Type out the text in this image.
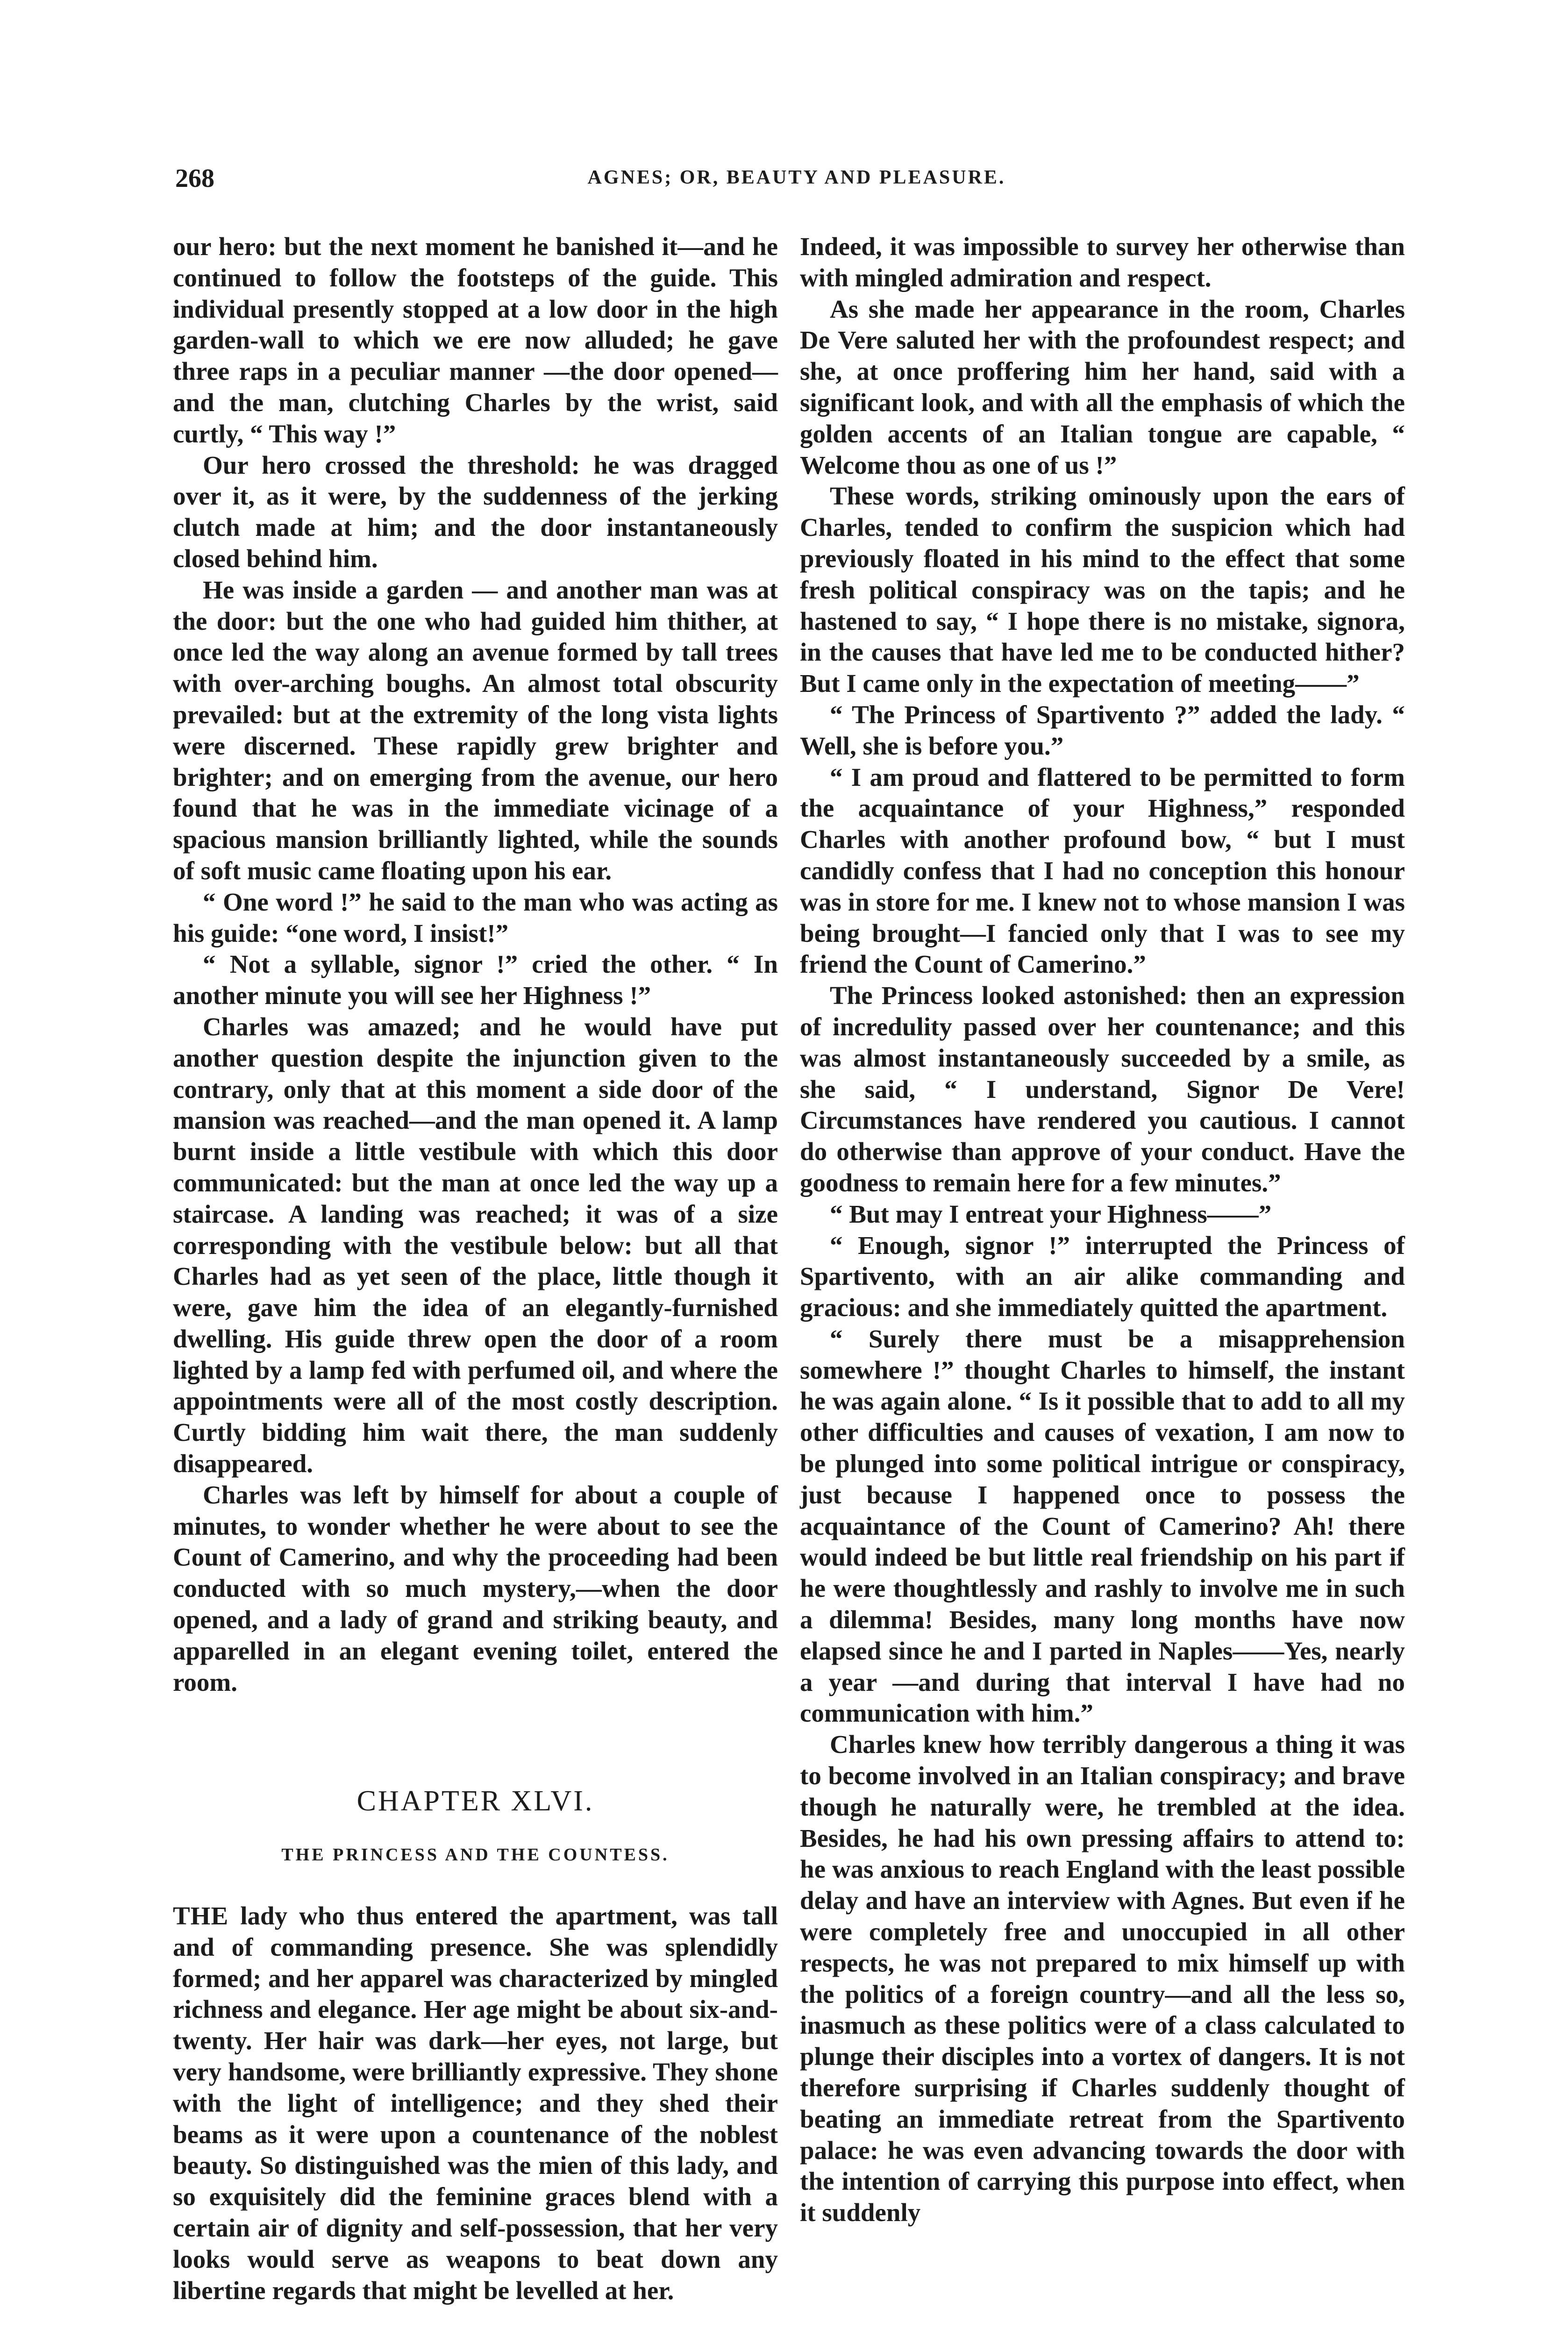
268	AGNES; OR, BEAUTY AND PLEASURE.

our hero: but the next moment he banished it—and he continued to follow the footsteps of the guide. This individual presently stopped at a low door in the high garden-wall to which we ere now alluded; he gave three raps in a peculiar manner —the door opened—and the man, clutching Charles by the wrist, said curtly, “ This way !”

Our hero crossed the threshold: he was dragged over it, as it were, by the suddenness of the jerking clutch made at him; and the door instantaneously closed behind him.

He was inside a garden — and another man was at the door: but the one who had guided him thither, at once led the way along an avenue formed by tall trees with over-arching boughs. An almost total obscurity prevailed: but at the extremity of the long vista lights were discerned. These rapidly grew brighter and brighter; and on emerging from the avenue, our hero found that he was in the immediate vicinage of a spacious mansion brilliantly lighted, while the sounds of soft music came floating upon his ear.

“ One word !” he said to the man who was acting as his guide: “one word, I insist!”

“ Not a syllable, signor !” cried the other. “ In another minute you will see her Highness !”

Charles was amazed; and he would have put another question despite the injunction given to the contrary, only that at this moment a side door of the mansion was reached—and the man opened it. A lamp burnt inside a little vestibule with which this door communicated: but the man at once led the way up a staircase. A landing was reached; it was of a size corresponding with the vestibule below: but all that Charles had as yet seen of the place, little though it were, gave him the idea of an elegantly-furnished dwelling. His guide threw open the door of a room lighted by a lamp fed with perfumed oil, and where the appointments were all of the most costly description. Curtly bidding him wait there, the man suddenly disappeared.

Charles was left by himself for about a couple of minutes, to wonder whether he were about to see the Count of Camerino, and why the proceeding had been conducted with so much mystery,—when the door opened, and a lady of grand and striking beauty, and apparelled in an elegant evening toilet, entered the room.

CHAPTER XLVI.
THE PRINCESS AND THE COUNTESS.

THE lady who thus entered the apartment, was tall and of commanding presence. She was splendidly formed; and her apparel was characterized by mingled richness and elegance. Her age might be about six-and-twenty. Her hair was dark—her eyes, not large, but very handsome, were brilliantly expressive. They shone with the light of intelligence; and they shed their beams as it were upon a countenance of the noblest beauty. So distinguished was the mien of this lady, and so exquisitely did the feminine graces blend with a certain air of dignity and self-possession, that her very looks would serve as weapons to beat down any libertine regards that might be levelled at her.

Indeed, it was impossible to survey her otherwise than with mingled admiration and respect.

As she made her appearance in the room, Charles De Vere saluted her with the profoundest respect; and she, at once proffering him her hand, said with a significant look, and with all the emphasis of which the golden accents of an Italian tongue are capable, “ Welcome thou as one of us !”

These words, striking ominously upon the ears of Charles, tended to confirm the suspicion which had previously floated in his mind to the effect that some fresh political conspiracy was on the tapis; and he hastened to say, “ I hope there is no mistake, signora, in the causes that have led me to be conducted hither? But I came only in the expectation of meeting——”

“ The Princess of Spartivento ?” added the lady. “ Well, she is before you.”

“ I am proud and flattered to be permitted to form the acquaintance of your Highness,” responded Charles with another profound bow, “ but I must candidly confess that I had no conception this honour was in store for me. I knew not to whose mansion I was being brought—I fancied only that I was to see my friend the Count of Camerino.”

The Princess looked astonished: then an expression of incredulity passed over her countenance; and this was almost instantaneously succeeded by a smile, as she said, “ I understand, Signor De Vere! Circumstances have rendered you cautious. I cannot do otherwise than approve of your conduct. Have the goodness to remain here for a few minutes.”

“ But may I entreat your Highness——”

“ Enough, signor !” interrupted the Princess of Spartivento, with an air alike commanding and gracious: and she immediately quitted the apartment.

“ Surely there must be a misapprehension somewhere !” thought Charles to himself, the instant he was again alone. “ Is it possible that to add to all my other difficulties and causes of vexation, I am now to be plunged into some political intrigue or conspiracy, just because I happened once to possess the acquaintance of the Count of Camerino? Ah! there would indeed be but little real friendship on his part if he were thoughtlessly and rashly to involve me in such a dilemma! Besides, many long months have now elapsed since he and I parted in Naples——Yes, nearly a year —and during that interval I have had no communication with him.”

Charles knew how terribly dangerous a thing it was to become involved in an Italian conspiracy; and brave though he naturally were, he trembled at the idea. Besides, he had his own pressing affairs to attend to: he was anxious to reach England with the least possible delay and have an interview with Agnes. But even if he were completely free and unoccupied in all other respects, he was not prepared to mix himself up with the politics of a foreign country—and all the less so, inasmuch as these politics were of a class calculated to plunge their disciples into a vortex of dangers. It is not therefore surprising if Charles suddenly thought of beating an immediate retreat from the Spartivento palace: he was even advancing towards the door with the intention of carrying this purpose into effect, when it suddenly
